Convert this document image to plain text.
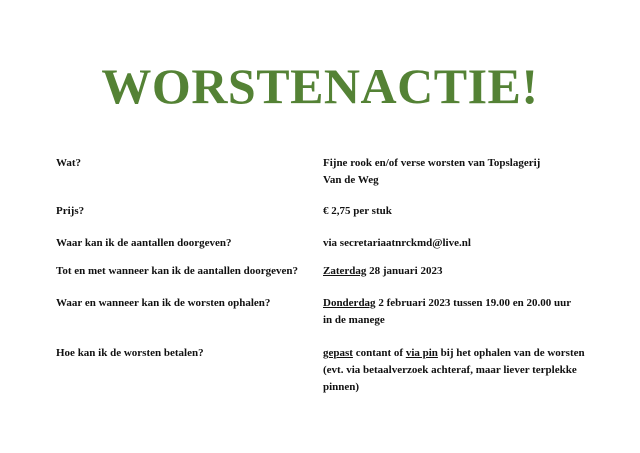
WORSTENACTIE!
Wat?	Fijne rook en/of verse worsten van Topslagerij
Van de Weg
Prijs?	€ 2,75 per stuk
Waar kan ik de aantallen doorgeven?	via secretariaatnrckmd@live.nl
Tot en met wanneer kan ik de aantallen doorgeven? Zaterdag 28 januari 2023
Waar en wanneer kan ik de worsten ophalen?	Donderdag 2 februari 2023 tussen 19.00 en 20.00 uur
in de manege
Hoe kan ik de worsten betalen?	gepast contant of via pin bij het ophalen van de worsten
(evt. via betaalverzoek achteraf, maar liever terplekke
pinnen)
